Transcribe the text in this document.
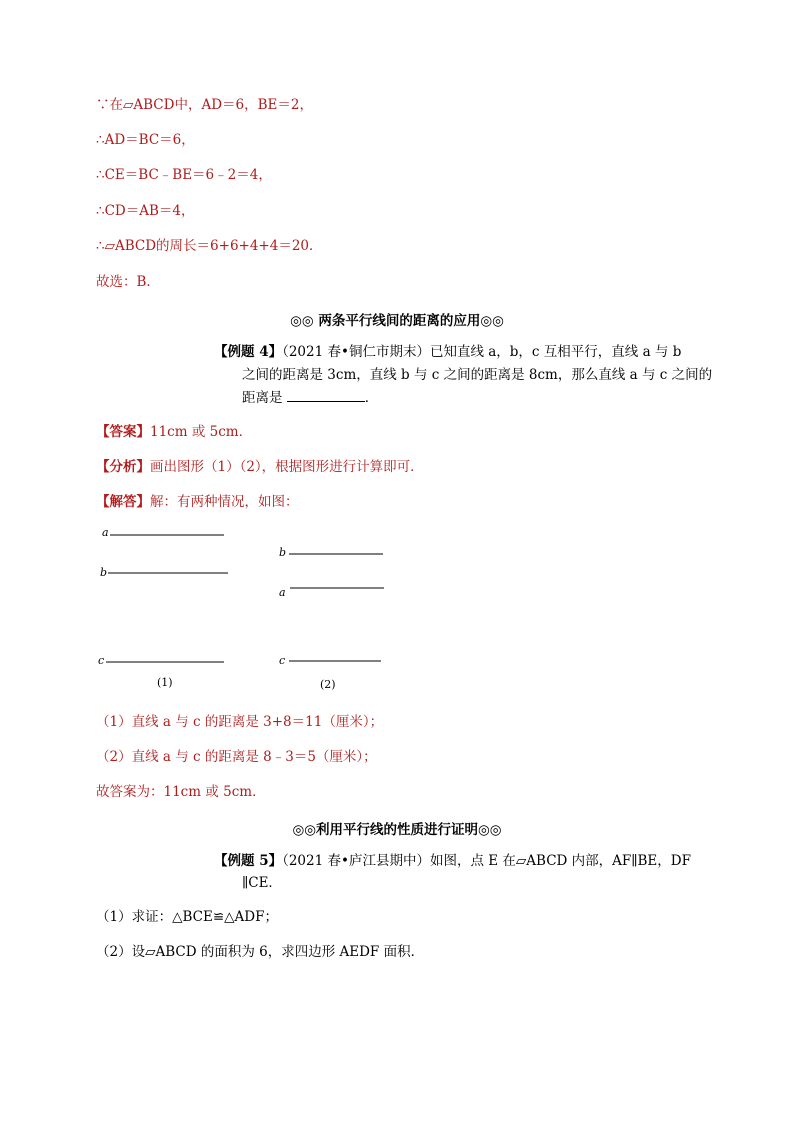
∵在▱ABCD中，AD＝6，BE＝2，
∴AD＝BC＝6，
∴CE＝BC﹣BE＝6﹣2＝4，
∴CD＝AB＝4，
∴▱ABCD的周长＝6+6+4+4＝20．
故选：B．
◎◎ 两条平行线间的距离的应用◎◎
【例题 4】（2021 春•铜仁市期末）已知直线 a，b，c 互相平行，直线 a 与 b
之间的距离是 3cm，直线 b 与 c 之间的距离是 8cm，那么直线 a 与 c 之间的
距离是	．
【答案】11cm 或 5cm．
【分析】画出图形（1）（2），根据图形进行计算即可．
【解答】解：有两种情况，如图：
a
b
c
(1)
b
a
c
(2)
（1）直线 a 与 c 的距离是 3+8＝11（厘米）；
（2）直线 a 与 c 的距离是 8﹣3＝5（厘米）；
故答案为：11cm 或 5cm．
◎◎利用平行线的性质进行证明◎◎
【例题 5】（2021 春•庐江县期中）如图，点 E 在▱ABCD 内部，AF∥BE，DF
∥CE．
（1）求证：△BCE≌△ADF；
（2）设▱ABCD 的面积为 6，求四边形 AEDF 面积．
